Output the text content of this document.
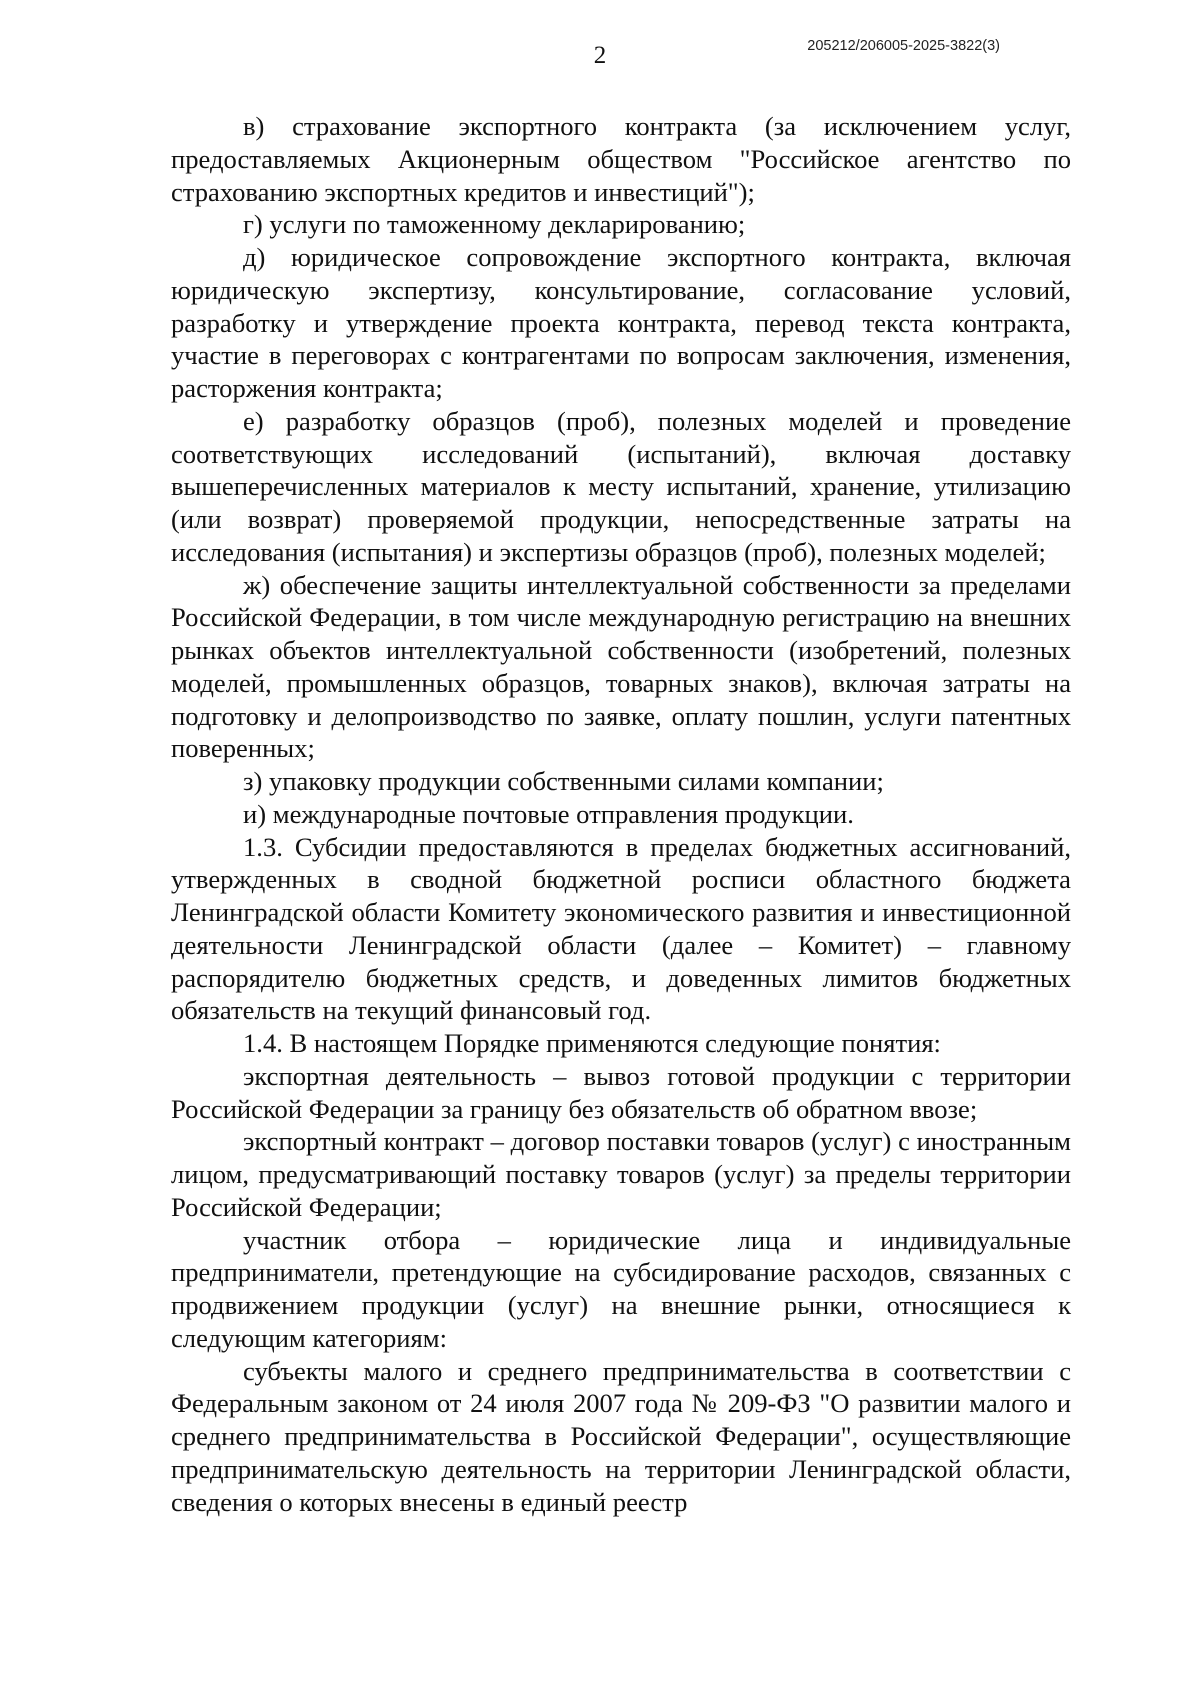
2	205212/206005-2025-3822(3)

в) страхование экспортного контракта (за исключением услуг, предоставляемых Акционерным обществом "Российское агентство по страхованию экспортных кредитов и инвестиций");

г) услуги по таможенному декларированию;

д) юридическое сопровождение экспортного контракта, включая юридическую экспертизу, консультирование, согласование условий, разработку и утверждение проекта контракта, перевод текста контракта, участие в переговорах с контрагентами по вопросам заключения, изменения, расторжения контракта;

е) разработку образцов (проб), полезных моделей и проведение соответствующих исследований (испытаний), включая доставку вышеперечисленных материалов к месту испытаний, хранение, утилизацию (или возврат) проверяемой продукции, непосредственные затраты на исследования (испытания) и экспертизы образцов (проб), полезных моделей;

ж) обеспечение защиты интеллектуальной собственности за пределами Российской Федерации, в том числе международную регистрацию на внешних рынках объектов интеллектуальной собственности (изобретений, полезных моделей, промышленных образцов, товарных знаков), включая затраты на подготовку и делопроизводство по заявке, оплату пошлин, услуги патентных поверенных;

з) упаковку продукции собственными силами компании;

и) международные почтовые отправления продукции.

1.3. Субсидии предоставляются в пределах бюджетных ассигнований, утвержденных в сводной бюджетной росписи областного бюджета Ленинградской области Комитету экономического развития и инвестиционной деятельности Ленинградской области (далее – Комитет) – главному распорядителю бюджетных средств, и доведенных лимитов бюджетных обязательств на текущий финансовый год.

1.4. В настоящем Порядке применяются следующие понятия:

экспортная деятельность – вывоз готовой продукции с территории Российской Федерации за границу без обязательств об обратном ввозе;

экспортный контракт – договор поставки товаров (услуг) с иностранным лицом, предусматривающий поставку товаров (услуг) за пределы территории Российской Федерации;

участник отбора – юридические лица и индивидуальные предприниматели, претендующие на субсидирование расходов, связанных с продвижением продукции (услуг) на внешние рынки, относящиеся к следующим категориям:

субъекты малого и среднего предпринимательства в соответствии с Федеральным законом от 24 июля 2007 года № 209-ФЗ "О развитии малого и среднего предпринимательства в Российской Федерации", осуществляющие предпринимательскую деятельность на территории Ленинградской области, сведения о которых внесены в единый реестр
